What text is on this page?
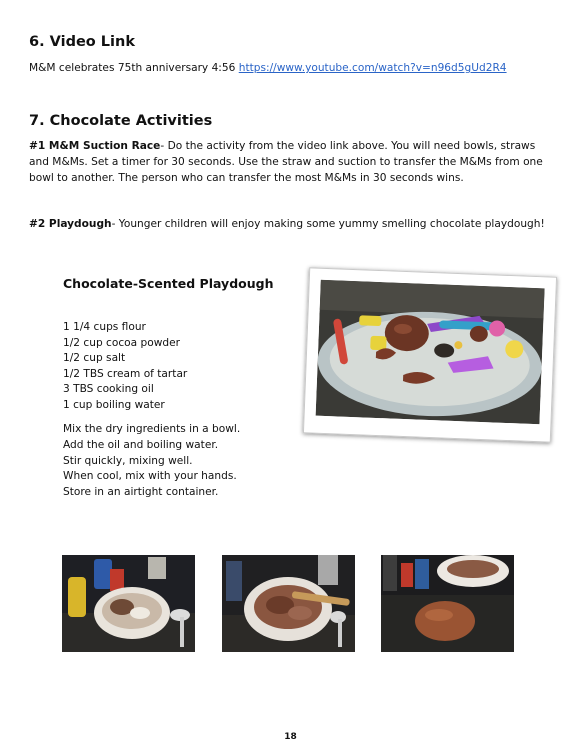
6. Video Link

M&M celebrates 75th anniversary 4:56 https://www.youtube.com/watch?v=n96d5gUd2R4

7. Chocolate Activities

#1 M&M Suction Race- Do the activity from the video link above. You will need bowls, straws and M&Ms. Set a timer for 30 seconds. Use the straw and suction to transfer the M&Ms from one bowl to another. The person who can transfer the most M&Ms in 30 seconds wins.

#2 Playdough- Younger children will enjoy making some yummy smelling chocolate playdough!

Chocolate-Scented Playdough
1 1/4 cups flour
1/2 cup cocoa powder
1/2 cup salt
1/2 TBS cream of tartar
3 TBS cooking oil
1 cup boiling water
Mix the dry ingredients in a bowl.
Add the oil and boiling water.
Stir quickly, mixing well.
When cool, mix with your hands.
Store in an airtight container.
18
